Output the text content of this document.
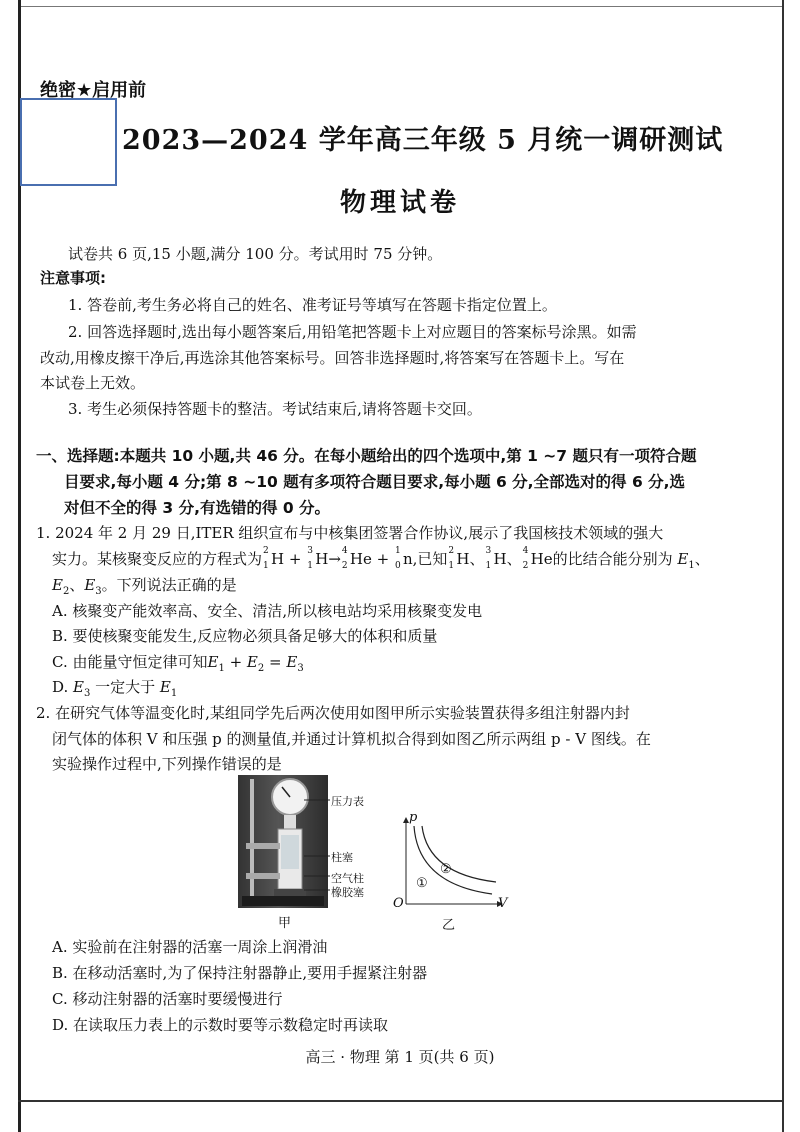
绝密★启用前
2023—2024 学年高三年级 5 月统一调研测试
物理试卷
试卷共 6 页,15 小题,满分 100 分。考试用时 75 分钟。
注意事项:
1. 答卷前,考生务必将自己的姓名、准考证号等填写在答题卡指定位置上。
2. 回答选择题时,选出每小题答案后,用铅笔把答题卡上对应题目的答案标号涂黑。如需
改动,用橡皮擦干净后,再选涂其他答案标号。回答非选择题时,将答案写在答题卡上。写在
本试卷上无效。
3. 考生必须保持答题卡的整洁。考试结束后,请将答题卡交回。
一、选择题:本题共 10 小题,共 46 分。在每小题给出的四个选项中,第 1 ~7 题只有一项符合题
目要求,每小题 4 分;第 8 ~10 题有多项符合题目要求,每小题 6 分,全部选对的得 6 分,选
对但不全的得 3 分,有选错的得 0 分。
1. 2024 年 2 月 29 日,ITER 组织宣布与中核集团签署合作协议,展示了我国核技术领域的强大
实力。某核聚变反应的方程式为 2
1 H + 3
1 H→ 4
2 He + 1
0 n,已知 2
1 H、 3
1 H、 4
2 He的比结合能分别为 $E_1$、
$E_2$、$E_3$。下列说法正确的是
A. 核聚变产能效率高、安全、清洁,所以核电站均采用核聚变发电
B. 要使核聚变能发生,反应物必须具备足够大的体积和质量
C. 由能量守恒定律可知$E_1 + E_2 = E_3$
D. $E_3$ 一定大于 $E_1$
2. 在研究气体等温变化时,某组同学先后两次使用如图甲所示实验装置获得多组注射器内封
闭气体的体积 V 和压强 p 的测量值,并通过计算机拟合得到如图乙所示两组 p - V 图线。在
实验操作过程中,下列操作错误的是
压力表
柱塞
空气柱
橡胶塞
甲
p
V
O
①
②
乙
A. 实验前在注射器的活塞一周涂上润滑油
B. 在移动活塞时,为了保持注射器静止,要用手握紧注射器
C. 移动注射器的活塞时要缓慢进行
D. 在读取压力表上的示数时要等示数稳定时再读取
高三 · 物理 第 1 页(共 6 页)
